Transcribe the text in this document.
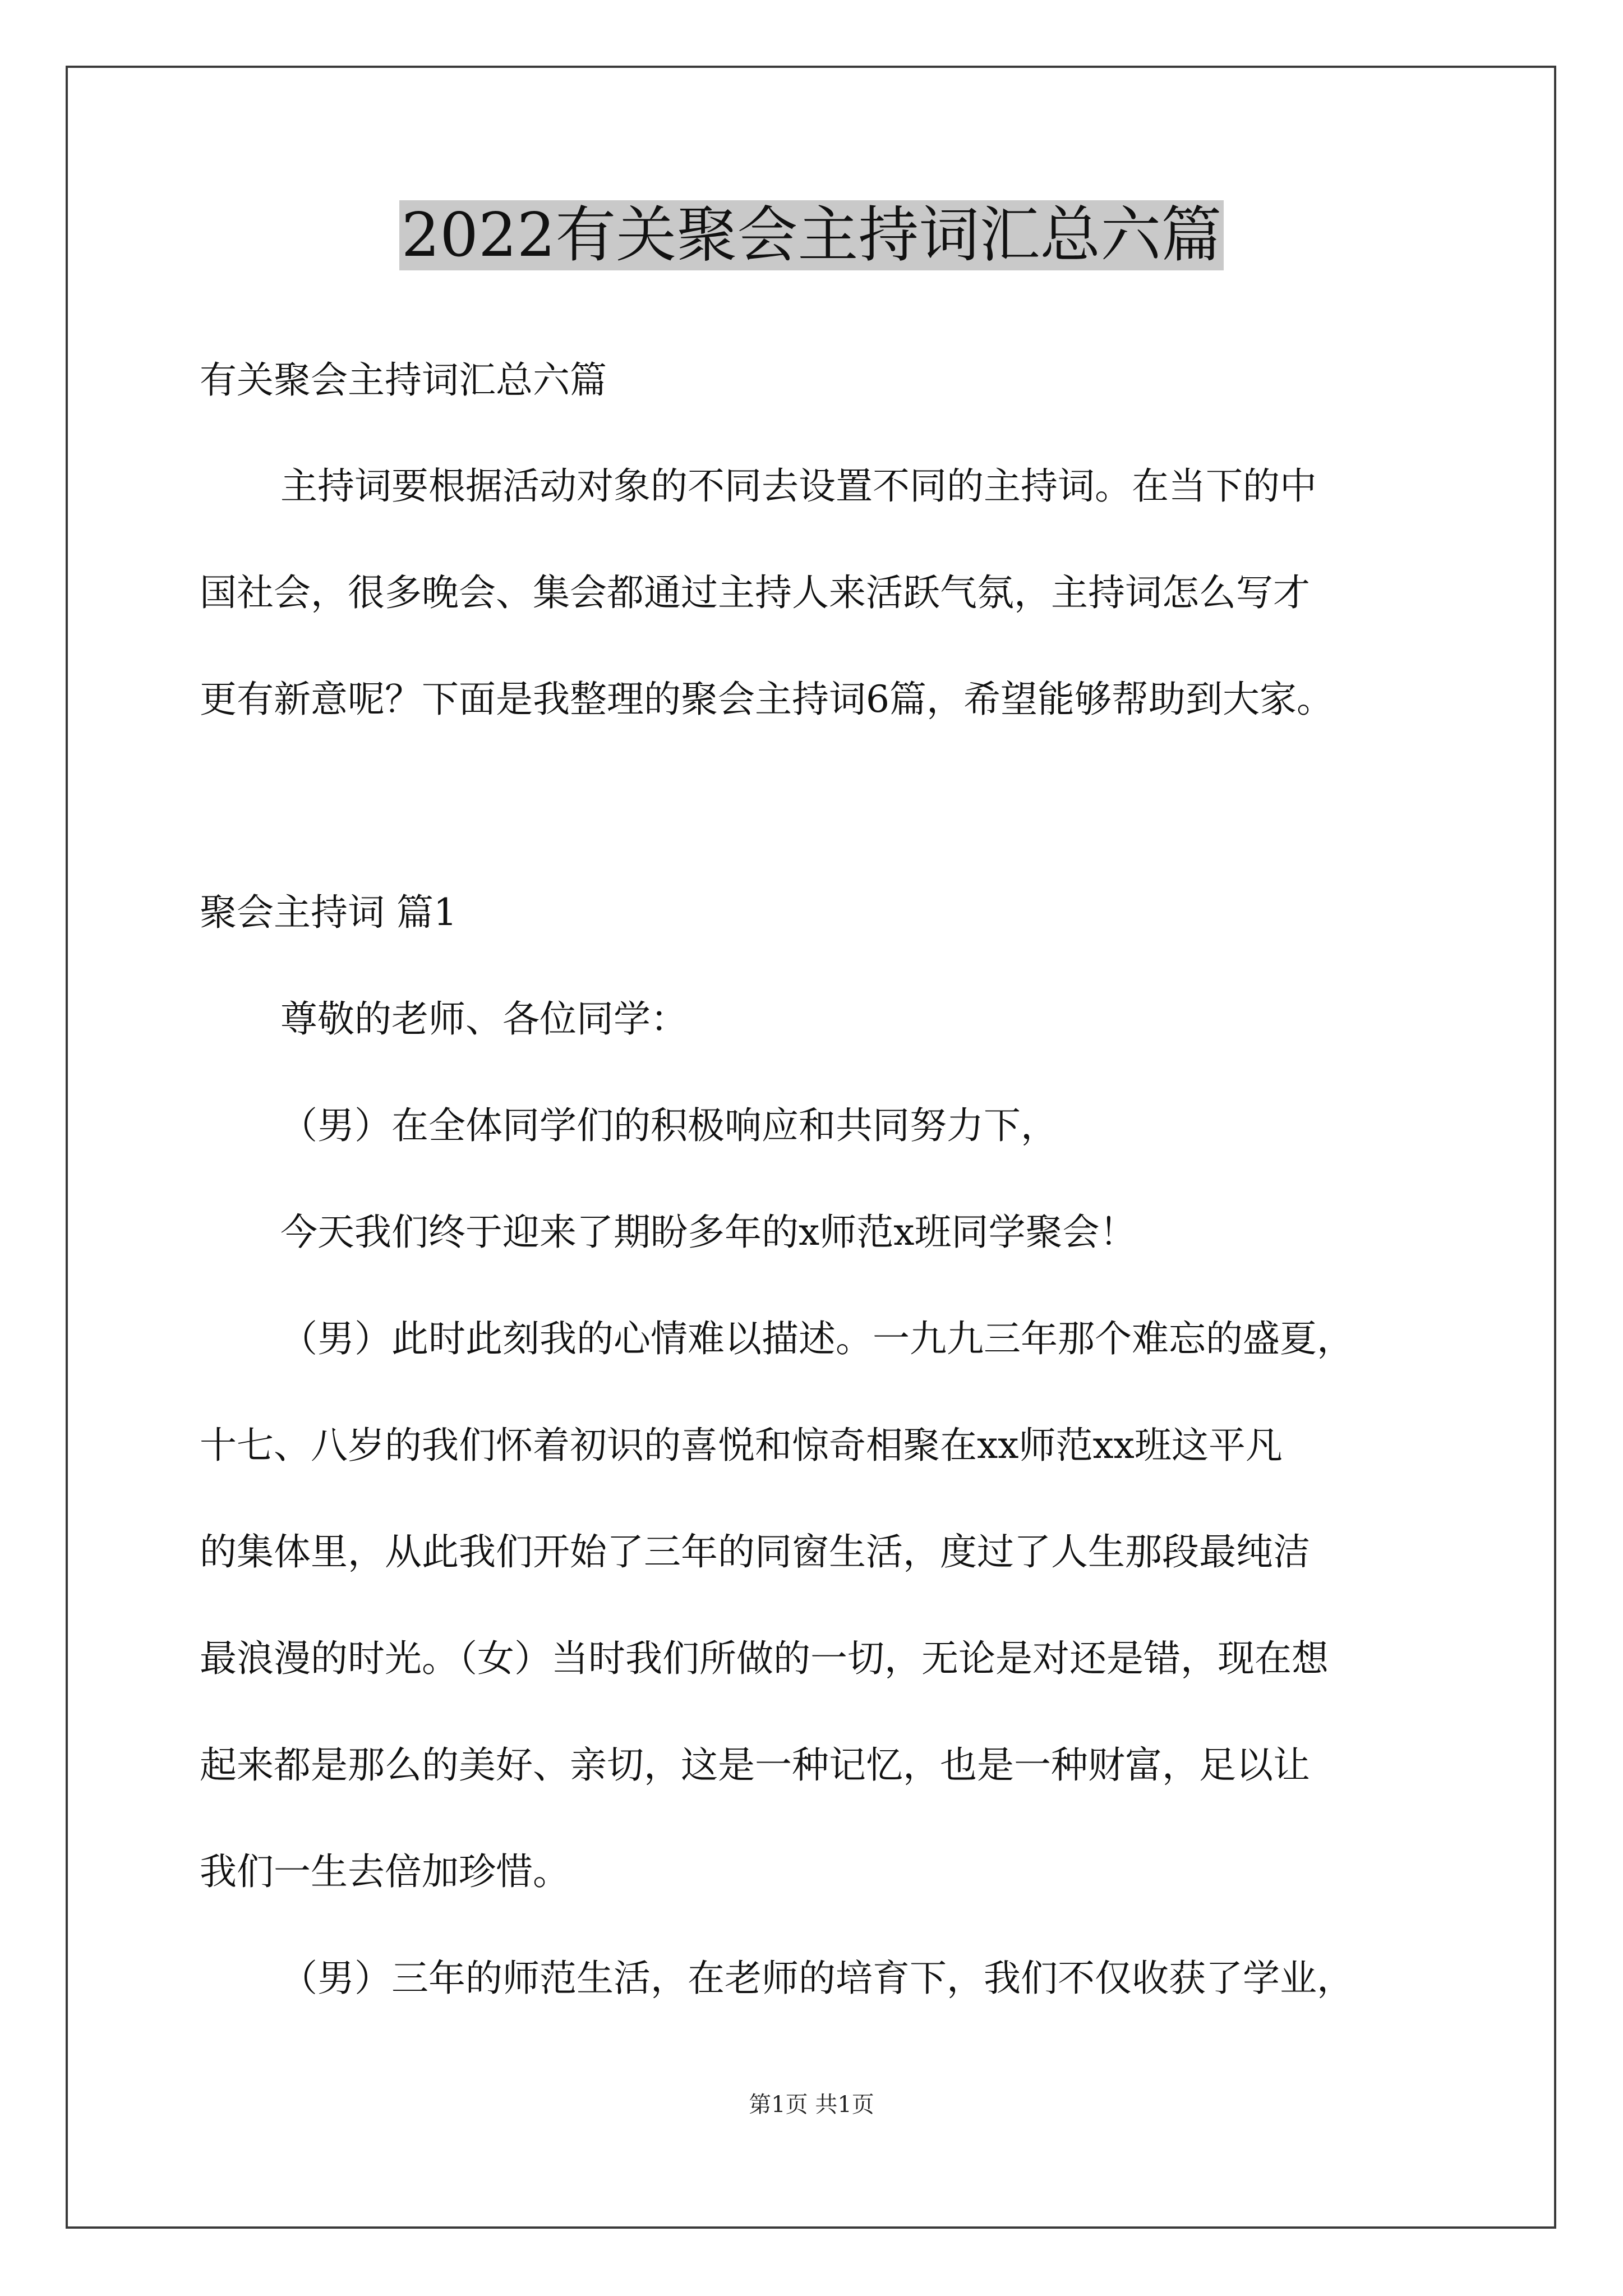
2022有关聚会主持词汇总六篇
有关聚会主持词汇总六篇
主持词要根据活动对象的不同去设置不同的主持词。在当下的中
国社会，很多晚会、集会都通过主持人来活跃气氛，主持词怎么写才
更有新意呢？下面是我整理的聚会主持词6篇，希望能够帮助到大家。
聚会主持词 篇1
尊敬的老师、各位同学：
（男）在全体同学们的积极响应和共同努力下，
今天我们终于迎来了期盼多年的x师范x班同学聚会！
（男）此时此刻我的心情难以描述。一九九三年那个难忘的盛夏，
十七、八岁的我们怀着初识的喜悦和惊奇相聚在xx师范xx班这平凡
的集体里，从此我们开始了三年的同窗生活，度过了人生那段最纯洁
最浪漫的时光。（女）当时我们所做的一切，无论是对还是错，现在想
起来都是那么的美好、亲切，这是一种记忆，也是一种财富，足以让
我们一生去倍加珍惜。
（男）三年的师范生活，在老师的培育下，我们不仅收获了学业，
第1页 共1页
